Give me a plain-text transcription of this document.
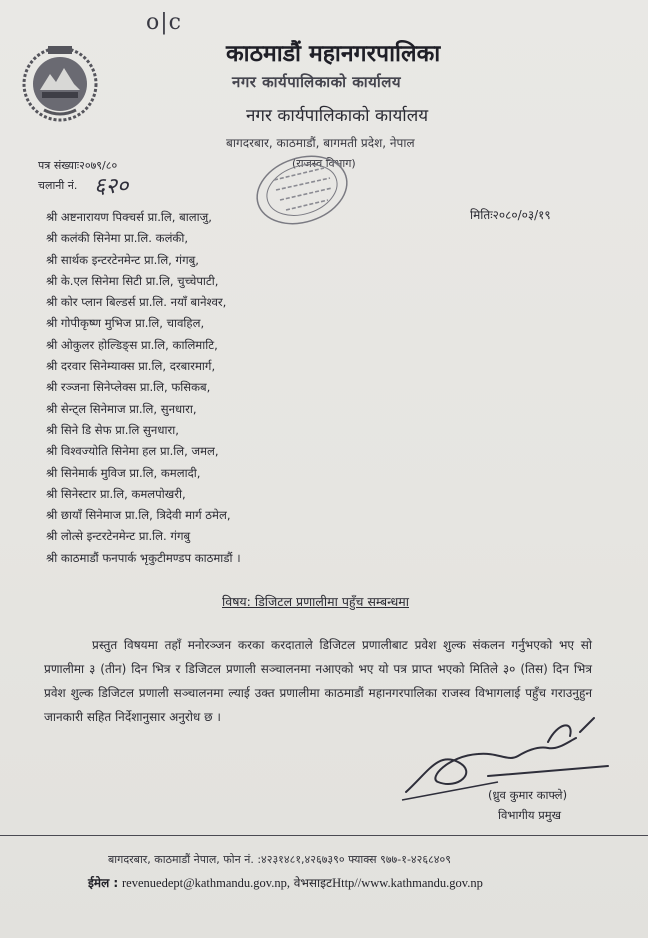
o|c
काठमाडौं महानगरपालिका
नगर कार्यपालिकाको कार्यालय
नगर कार्यपालिकाको कार्यालय
बागदरबार, काठमाडौं, बागमती प्रदेश, नेपाल
(राजस्व विभाग)
पत्र संख्याः२०७९/८०
चलानी नं. ६२०
मितिः२०८०/०३/१९
श्री अष्टनारायण पिक्चर्स प्रा.लि, बालाजु,
श्री कलंकी सिनेमा प्रा.लि. कलंकी,
श्री सार्थक इन्टरटेनमेन्ट प्रा.लि, गंगबु,
श्री के.एल सिनेमा सिटी प्रा.लि, चुच्चेपाटी,
श्री कोर प्लान बिल्डर्स प्रा.लि. नयाँ बानेश्वर,
श्री गोपीकृष्ण मुभिज प्रा.लि, चावहिल,
श्री ओकुलर होल्डिङ्स प्रा.लि, कालिमाटि,
श्री दरवार सिनेम्याक्स प्रा.लि, दरबारमार्ग,
श्री रञ्जना सिनेप्लेक्स प्रा.लि, फसिकब,
श्री सेन्ट्ल सिनेमाज प्रा.लि, सुनधारा,
श्री सिने डि सेफ प्रा.लि सुनधारा,
श्री विश्वज्योति सिनेमा हल प्रा.लि, जमल,
श्री सिनेमार्क मुविज प्रा.लि, कमलादी,
श्री सिनेस्टार प्रा.लि, कमलपोखरी,
श्री छायाँ सिनेमाज प्रा.लि, त्रिदेवी मार्ग ठमेल,
श्री लोत्से इन्टरटेनमेन्ट प्रा.लि. गंगबु
श्री काठमाडौं फनपार्क भृकुटीमण्डप काठमाडौं ।
विषय: डिजिटल प्रणालीमा पहुँच सम्बन्धमा

प्रस्तुत विषयमा तहाँ मनोरञ्जन करका करदाताले डिजिटल प्रणालीबाट प्रवेश शुल्क संकलन गर्नुभएको भए सो प्रणालीमा ३ (तीन) दिन भित्र र डिजिटल प्रणाली सञ्चालनमा नआएको भए यो पत्र प्राप्त भएको मितिले ३० (तिस) दिन भित्र प्रवेश शुल्क डिजिटल प्रणाली सञ्चालनमा ल्याई उक्त प्रणालीमा काठमाडौं महानगरपालिका राजस्व विभागलाई पहुँच गराउनुहुन जानकारी सहित निर्देशानुसार अनुरोध छ ।

(ध्रुव कुमार काफ्ले)
विभागीय प्रमुख
बागदरबार, काठमाडौं नेपाल, फोन नं. :४२३१४८१,४२६७३९० फ्याक्स ९७७-१-४२६८४०९
ईमेल : revenuedept@kathmandu.gov.np, वेभसाइटHttp//www.kathmandu.gov.np
